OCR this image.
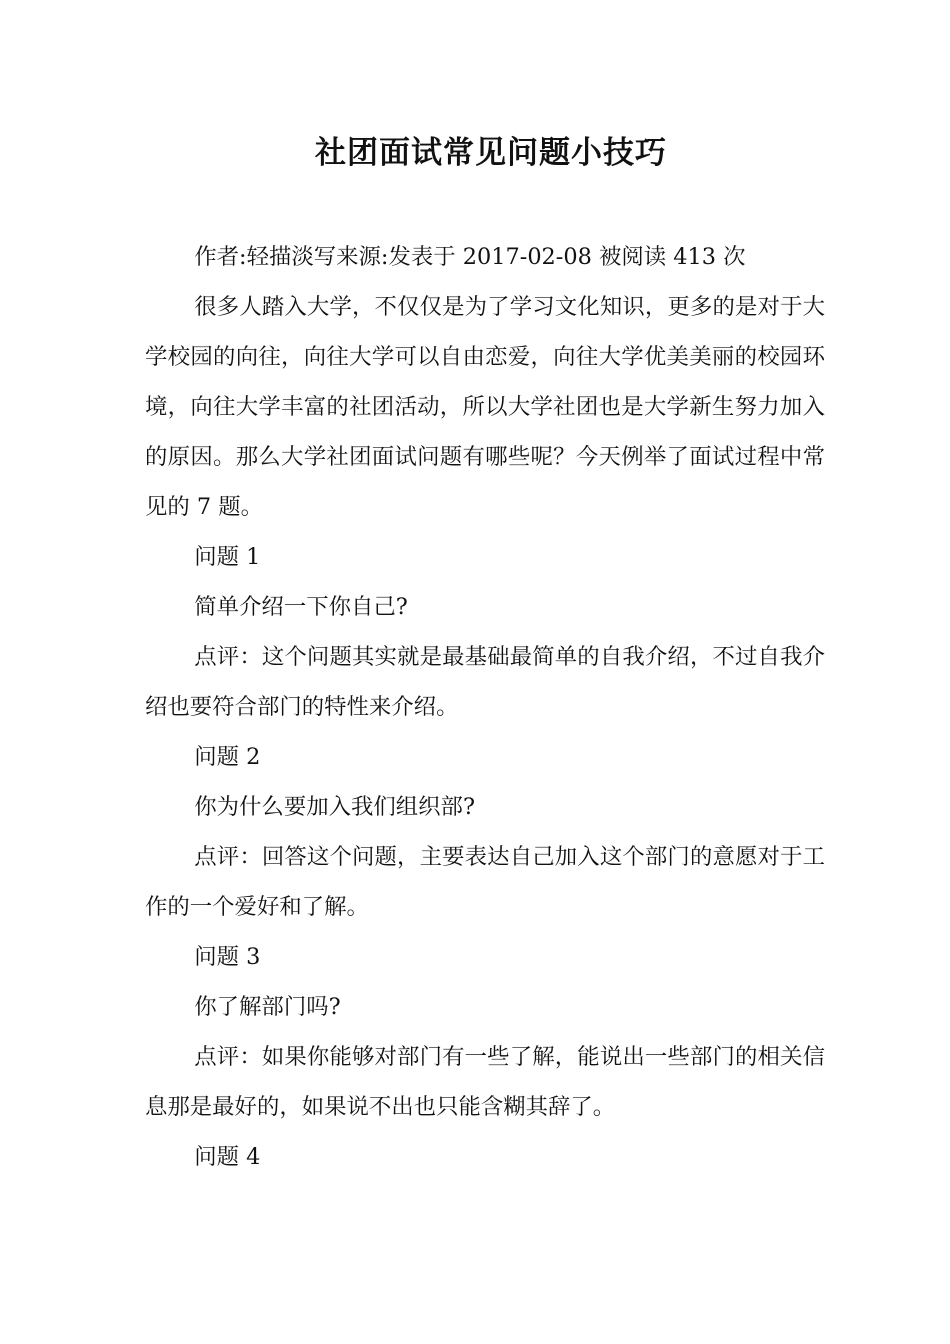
社团面试常见问题小技巧

作者:轻描淡写来源:发表于 2017-02-08 被阅读 413 次

很多人踏入大学，不仅仅是为了学习文化知识，更多的是对于大学校园的向往，向往大学可以自由恋爱，向往大学优美美丽的校园环境，向往大学丰富的社团活动，所以大学社团也是大学新生努力加入的原因。那么大学社团面试问题有哪些呢？今天例举了面试过程中常见的 7 题。

问题 1

简单介绍一下你自己?

点评：这个问题其实就是最基础最简单的自我介绍，不过自我介绍也要符合部门的特性来介绍。

问题 2

你为什么要加入我们组织部?

点评：回答这个问题，主要表达自己加入这个部门的意愿对于工作的一个爱好和了解。

问题 3

你了解部门吗?

点评：如果你能够对部门有一些了解，能说出一些部门的相关信息那是最好的，如果说不出也只能含糊其辞了。

问题 4
